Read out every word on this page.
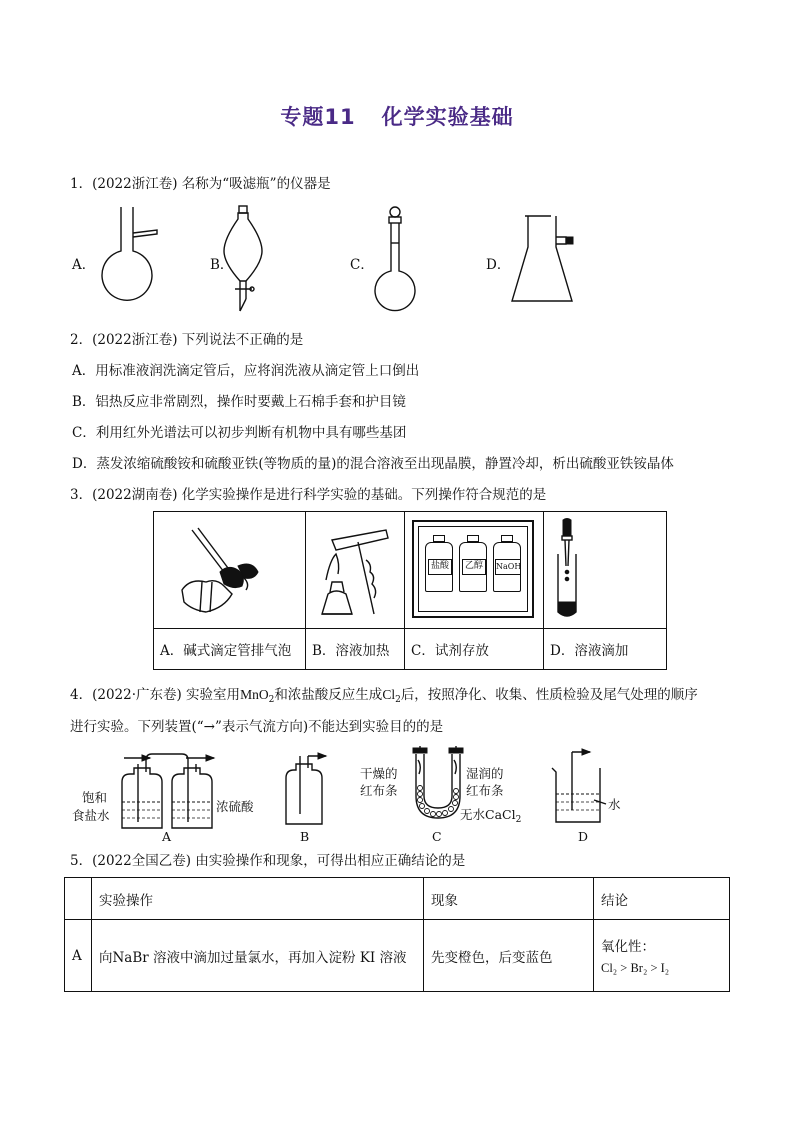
专题11 化学实验基础
1．(2022浙江卷) 名称为“吸滤瓶”的仪器是
A．	B．	C．	D．
2．(2022浙江卷) 下列说法不正确的是
A．用标准液润洗滴定管后，应将润洗液从滴定管上口倒出
B．铝热反应非常剧烈，操作时要戴上石棉手套和护目镜
C．利用红外光谱法可以初步判断有机物中具有哪些基团
D．蒸发浓缩硫酸铵和硫酸亚铁(等物质的量)的混合溶液至出现晶膜，静置冷却，析出硫酸亚铁铵晶体
3．(2022湖南卷) 化学实验操作是进行科学实验的基础。下列操作符合规范的是

盐酸 乙醇 NaOH

A．碱式滴定管排气泡	B．溶液加热	C．试剂存放	D．溶液滴加
4．(2022·广东卷) 实验室用MnO$_2$和浓盐酸反应生成$Cl_2$后，按照净化、收集、性质检验及尾气处理的顺序
进行实验。下列装置(“→”表示气流方向)不能达到实验目的的是
饱和
食盐水
浓硫酸
A	B
干燥的
红布条
湿润的
红布条
无水CaCl$_2$
C
水
D
5．(2022全国乙卷) 由实验操作和现象，可得出相应正确结论的是
	实验操作	现象	结论
A	向NaBr 溶液中滴加过量氯水，再加入淀粉 KI 溶液	先变橙色，后变蓝色	氧化性：
Cl₂ > Br₂ > I₂
